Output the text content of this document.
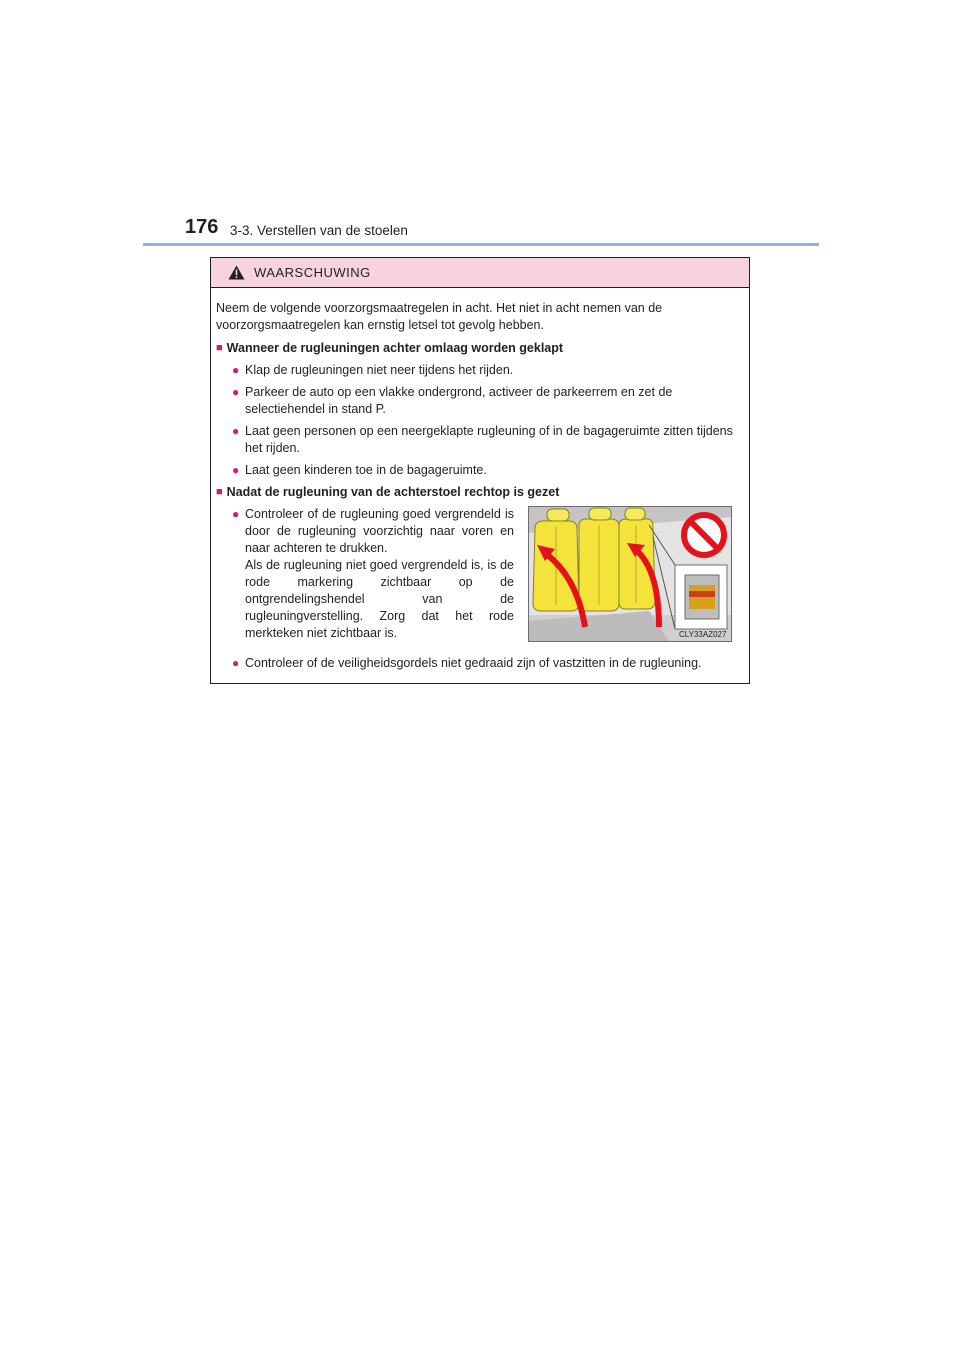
176 3-3. Verstellen van de stoelen
WAARSCHUWING

Neem de volgende voorzorgsmaatregelen in acht. Het niet in acht nemen van de voorzorgsmaatregelen kan ernstig letsel tot gevolg hebben.

■ Wanneer de rugleuningen achter omlaag worden geklapt
● Klap de rugleuningen niet neer tijdens het rijden.
● Parkeer de auto op een vlakke ondergrond, activeer de parkeerrem en zet de selectiehendel in stand P.
● Laat geen personen op een neergeklapte rugleuning of in de bagageruimte zitten tijdens het rijden.
● Laat geen kinderen toe in de bagageruimte.
■ Nadat de rugleuning van de achterstoel rechtop is gezet
● Controleer of de rugleuning goed vergrendeld is door de rugleuning voorzichtig naar voren en naar achteren te drukken.
Als de rugleuning niet goed vergrendeld is, is de rode markering zichtbaar op de ontgrendelingshendel van de rugleuningverstelling. Zorg dat het rode merkteken niet zichtbaar is.	CLY33AZ027
● Controleer of de veiligheidsgordels niet gedraaid zijn of vastzitten in de rugleuning.
